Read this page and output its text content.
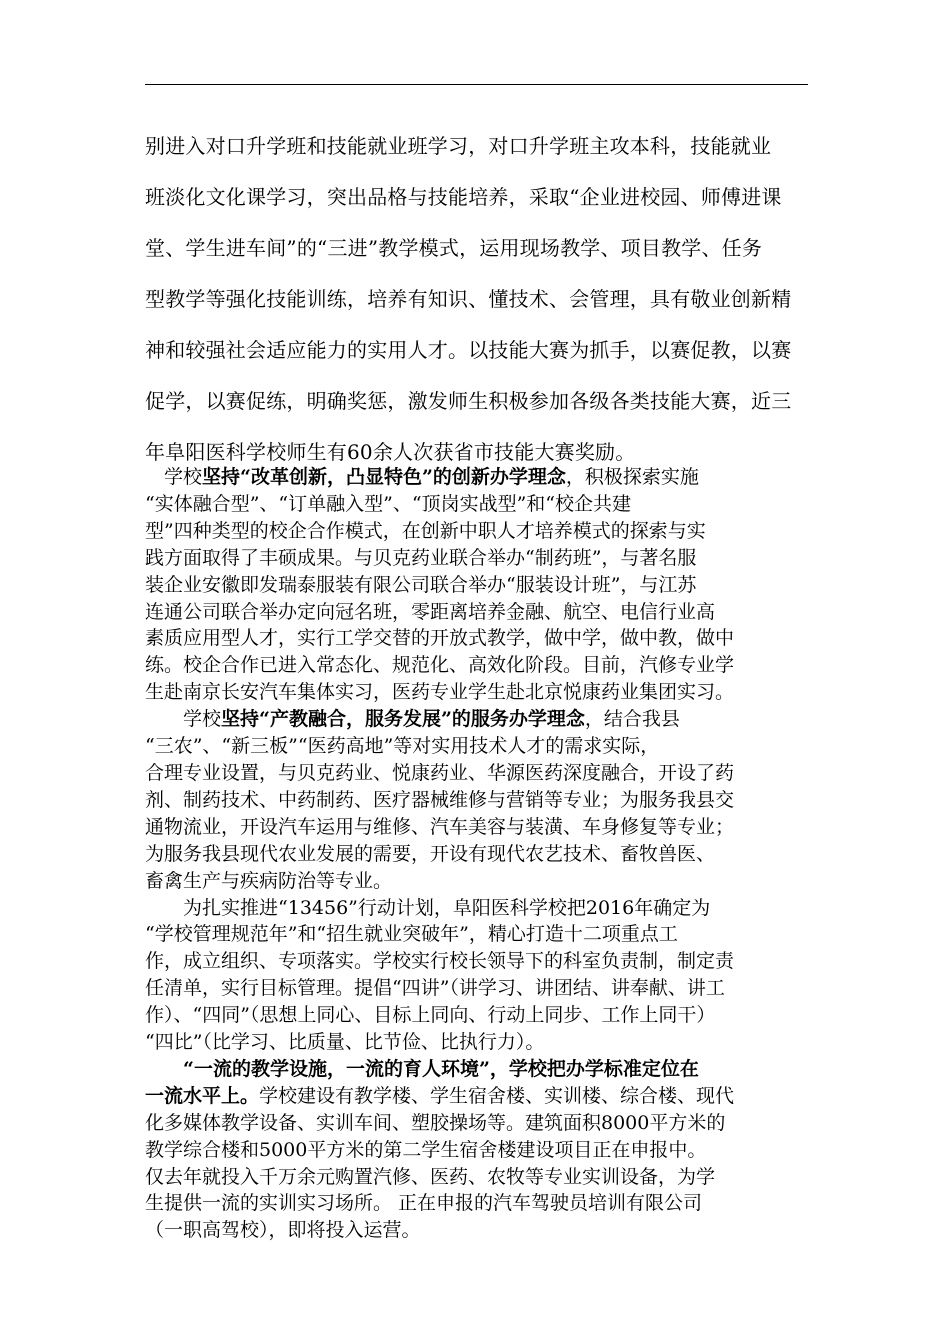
别进入对口升学班和技能就业班学习，对口升学班主攻本科，技能就业

班淡化文化课学习，突出品格与技能培养，采取“企业进校园、师傅进课

堂、学生进车间”的“三进”教学模式，运用现场教学、项目教学、任务

型教学等强化技能训练，培养有知识、懂技术、会管理，具有敬业创新精

神和较强社会适应能力的实用人才。以技能大赛为抓手，以赛促教，以赛

促学，以赛促练，明确奖惩，激发师生积极参加各级各类技能大赛，近三

年阜阳医科学校师生有60余人次获省市技能大赛奖励。

　学校坚持“改革创新，凸显特色”的创新办学理念，积极探索实施

“实体融合型”、“订单融入型”、“顶岗实战型”和“校企共建

型”四种类型的校企合作模式，在创新中职人才培养模式的探索与实

践方面取得了丰硕成果。与贝克药业联合举办“制药班”，与著名服

装企业安徽即发瑞泰服装有限公司联合举办“服装设计班”，与江苏

连通公司联合举办定向冠名班，零距离培养金融、航空、电信行业高

素质应用型人才，实行工学交替的开放式教学，做中学，做中教，做中

练。校企合作已进入常态化、规范化、高效化阶段。目前，汽修专业学

生赴南京长安汽车集体实习，医药专业学生赴北京悦康药业集团实习。

　　学校坚持“产教融合，服务发展”的服务办学理念，结合我县

“三农”、“新三板”“医药高地”等对实用技术人才的需求实际，

合理专业设置，与贝克药业、悦康药业、华源医药深度融合，开设了药

剂、制药技术、中药制药、医疗器械维修与营销等专业；为服务我县交

通物流业，开设汽车运用与维修、汽车美容与装潢、车身修复等专业；

为服务我县现代农业发展的需要，开设有现代农艺技术、畜牧兽医、

畜禽生产与疾病防治等专业。

　　为扎实推进“13456”行动计划，阜阳医科学校把2016年确定为

“学校管理规范年”和“招生就业突破年”，精心打造十二项重点工

作，成立组织、专项落实。学校实行校长领导下的科室负责制，制定责

任清单，实行目标管理。提倡“四讲”（讲学习、讲团结、讲奉献、讲工

作）、“四同”（思想上同心、目标上同向、行动上同步、工作上同干）

“四比”（比学习、比质量、比节俭、比执行力）。

　　“一流的教学设施，一流的育人环境”，学校把办学标准定位在

一流水平上。学校建设有教学楼、学生宿舍楼、实训楼、综合楼、现代

化多媒体教学设备、实训车间、塑胶操场等。建筑面积8000平方米的

教学综合楼和5000平方米的第二学生宿舍楼建设项目正在申报中。

仅去年就投入千万余元购置汽修、医药、农牧等专业实训设备，为学

生提供一流的实训实习场所。 正在申报的汽车驾驶员培训有限公司

（一职高驾校），即将投入运营。
